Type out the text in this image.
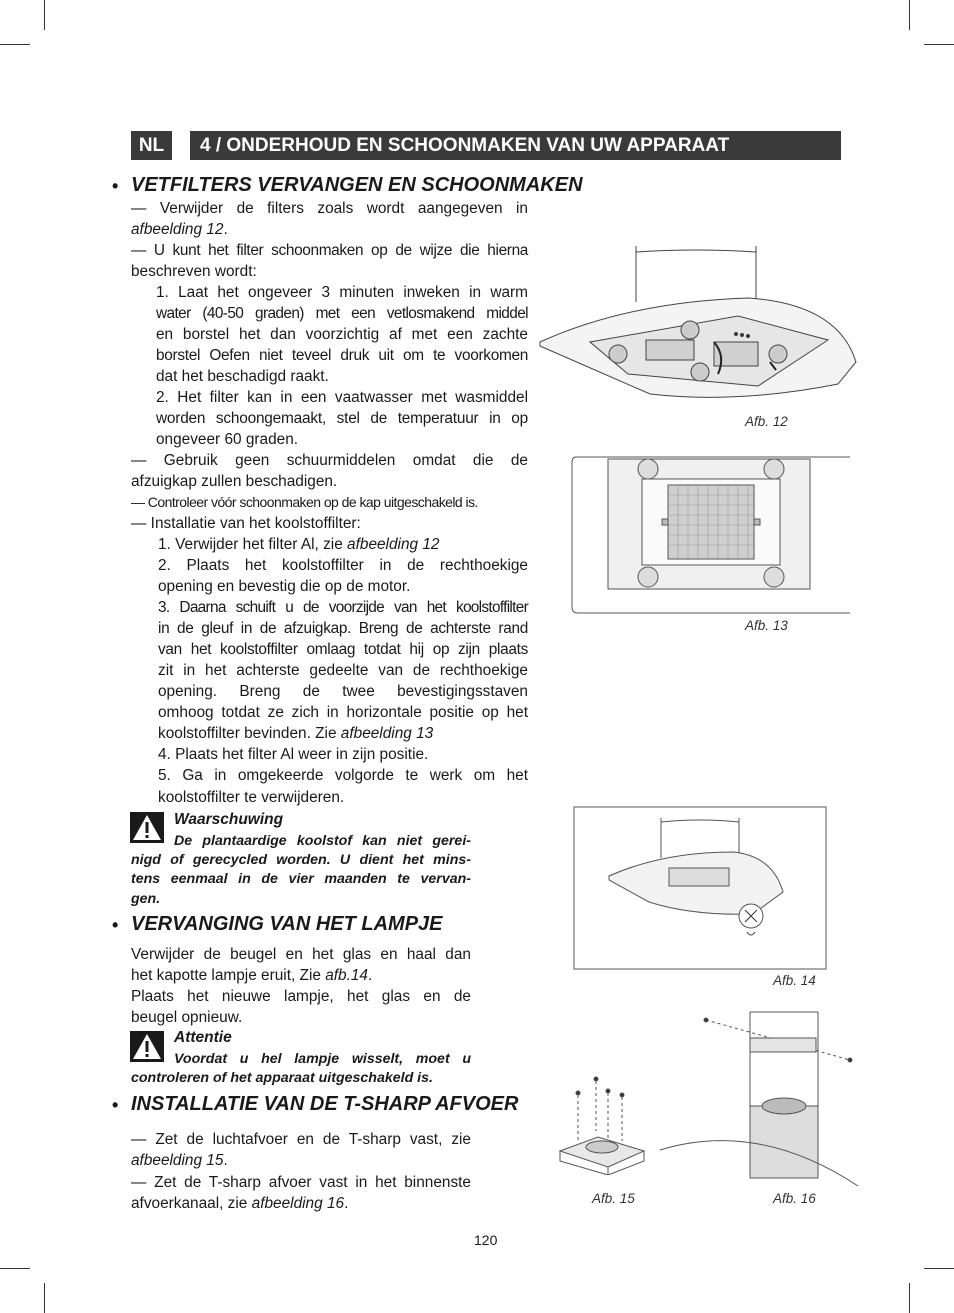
NL 4 / ONDERHOUD EN SCHOONMAKEN VAN UW APPARAAT
• VETFILTERS VERVANGEN EN SCHOONMAKEN
— Verwijder de filters zoals wordt aangegeven in
afbeelding 12.
— U kunt het filter schoonmaken op de wijze die hierna
beschreven wordt:
1. Laat het ongeveer 3 minuten inweken in warm
water (40-50 graden) met een vetlosmakend middel
en borstel het dan voorzichtig af met een zachte
borstel Oefen niet teveel druk uit om te voorkomen
dat het beschadigd raakt.
2. Het filter kan in een vaatwasser met wasmiddel
worden schoongemaakt, stel de temperatuur in op
ongeveer 60 graden.
— Gebruik geen schuurmiddelen omdat die de
afzuigkap zullen beschadigen.
— Controleer vóór schoonmaken op de kap uitgeschakeld is.
— Installatie van het koolstoffilter:
1. Verwijder het filter Al, zie afbeelding 12
2. Plaats het koolstoffilter in de rechthoekige
opening en bevestig die op de motor.
3. Daarna schuift u de voorzijde van het koolstoffilter
in de gleuf in de afzuigkap. Breng de achterste rand
van het koolstoffilter omlaag totdat hij op zijn plaats
zit in het achterste gedeelte van de rechthoekige
opening. Breng de twee bevestigingsstaven
omhoog totdat ze zich in horizontale positie op het
koolstoffilter bevinden. Zie afbeelding 13
4. Plaats het filter Al weer in zijn positie.
5. Ga in omgekeerde volgorde te werk om het
koolstoffilter te verwijderen.
Waarschuwing
De plantaardige koolstof kan niet gerei-
nigd of gerecycled worden. U dient het mins-
tens eenmaal in de vier maanden te vervan-
gen.
• VERVANGING VAN HET LAMPJE
Verwijder de beugel en het glas en haal dan
het kapotte lampje eruit, Zie afb.14.
Plaats het nieuwe lampje, het glas en de
beugel opnieuw.
Attentie
Voordat u hel lampje wisselt, moet u
controleren of het apparaat uitgeschakeld is.
• INSTALLATIE VAN DE T-SHARP AFVOER
— Zet de luchtafvoer en de T-sharp vast, zie
afbeelding 15.
— Zet de T-sharp afvoer vast in het binnenste
afvoerkanaal, zie afbeelding 16.
Afb. 12
Afb. 13
Afb. 14
Afb. 15	Afb. 16
120
